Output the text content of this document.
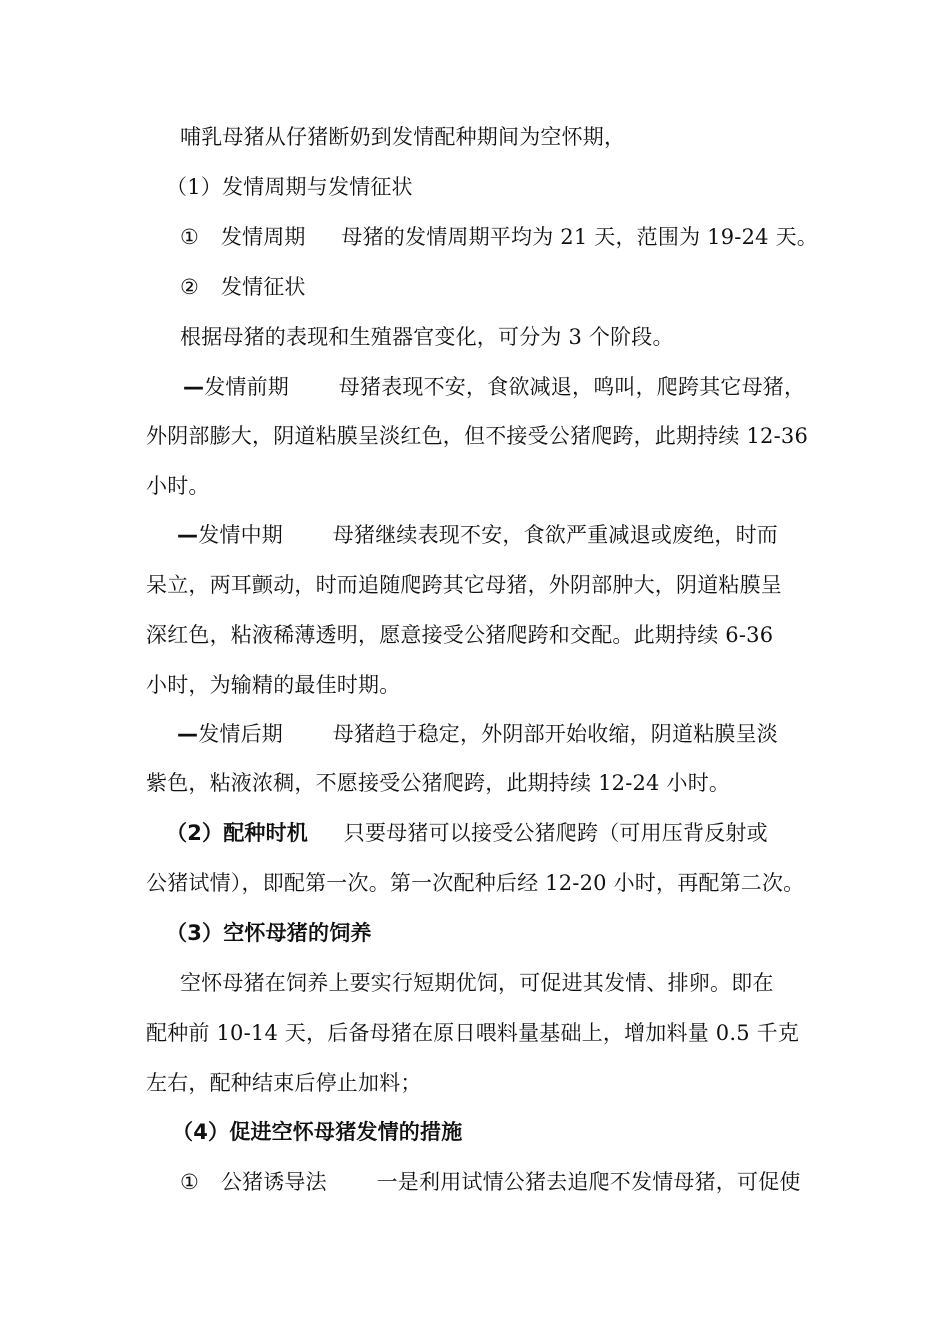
哺乳母猪从仔猪断奶到发情配种期间为空怀期，
（1）发情周期与发情征状
① 发情周期 母猪的发情周期平均为 21 天，范围为 19-24 天。
② 发情征状
根据母猪的表现和生殖器官变化，可分为 3 个阶段。
—发情前期 母猪表现不安，食欲减退，鸣叫，爬跨其它母猪，
外阴部膨大，阴道粘膜呈淡红色，但不接受公猪爬跨，此期持续 12-36
小时。
—发情中期 母猪继续表现不安，食欲严重减退或废绝，时而
呆立，两耳颤动，时而追随爬跨其它母猪，外阴部肿大，阴道粘膜呈
深红色，粘液稀薄透明，愿意接受公猪爬跨和交配。此期持续 6-36
小时，为输精的最佳时期。
—发情后期 母猪趋于稳定，外阴部开始收缩，阴道粘膜呈淡
紫色，粘液浓稠，不愿接受公猪爬跨，此期持续 12-24 小时。
（2）配种时机 只要母猪可以接受公猪爬跨（可用压背反射或
公猪试情），即配第一次。第一次配种后经 12-20 小时，再配第二次。
（3）空怀母猪的饲养
空怀母猪在饲养上要实行短期优饲，可促进其发情、排卵。即在
配种前 10-14 天，后备母猪在原日喂料量基础上，增加料量 0.5 千克
左右，配种结束后停止加料；
（4）促进空怀母猪发情的措施
① 公猪诱导法 一是利用试情公猪去追爬不发情母猪，可促使
